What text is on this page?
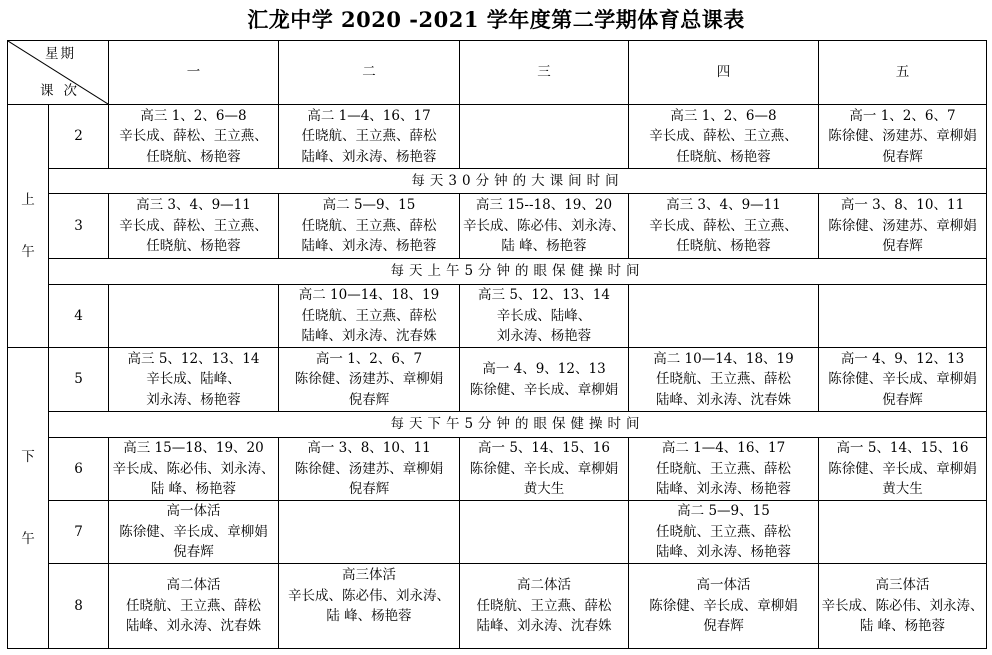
汇龙中学 2020 -2021 学年度第二学期体育总课表
星期
课次		一	二	三	四	五

上
午	2	高三 1、2、6—8
辛长成、薛松、王立燕、
任晓航、杨艳蓉	高二 1—4、16、17
任晓航、王立燕、薛松
陆峰、刘永涛、杨艳蓉		高三 1、2、6—8
辛长成、薛松、王立燕、
任晓航、杨艳蓉	高一 1、2、6、7
陈徐健、汤建苏、章柳娟
倪春辉

	每天30分钟的大课间时间					
	3	高三 3、4、9—11
辛长成、薛松、王立燕、
任晓航、杨艳蓉	高二 5—9、15
任晓航、王立燕、薛松
陆峰、刘永涛、杨艳蓉	高三 15--18、19、20
辛长成、陈必伟、刘永涛、
陆 峰、杨艳蓉	高三 3、4、9—11
辛长成、薛松、王立燕、
任晓航、杨艳蓉	高一 3、8、10、11
陈徐健、汤建苏、章柳娟
倪春辉

	每天上午5分钟的眼保健操时间					
	4		高二 10—14、18、19
任晓航、王立燕、薛松
陆峰、刘永涛、沈春姝	高三 5、12、13、14
辛长成、陆峰、
刘永涛、杨艳蓉		

下
午	5	高三 5、12、13、14
辛长成、陆峰、
刘永涛、杨艳蓉	高一 1、2、6、7
陈徐健、汤建苏、章柳娟
倪春辉	高一 4、9、12、13
陈徐健、辛长成、章柳娟	高二 10—14、18、19
任晓航、王立燕、薛松
陆峰、刘永涛、沈春姝	高一 4、9、12、13
陈徐健、辛长成、章柳娟
倪春辉

	每天下午5分钟的眼保健操时间					
	6	高三 15—18、19、20
辛长成、陈必伟、刘永涛、
陆 峰、杨艳蓉	高一 3、8、10、11
陈徐健、汤建苏、章柳娟
倪春辉	高一 5、14、15、16
陈徐健、辛长成、章柳娟
黄大生	高二 1—4、16、17
任晓航、王立燕、薛松
陆峰、刘永涛、杨艳蓉	高一 5、14、15、16
陈徐健、辛长成、章柳娟
黄大生

	7	高一体活
陈徐健、辛长成、章柳娟
倪春辉			高二 5—9、15
任晓航、王立燕、薛松
陆峰、刘永涛、杨艳蓉	

	8	高二体活
任晓航、王立燕、薛松
陆峰、刘永涛、沈春姝	高三体活
辛长成、陈必伟、刘永涛、
陆 峰、杨艳蓉	高二体活
任晓航、王立燕、薛松
陆峰、刘永涛、沈春姝	高一体活
陈徐健、辛长成、章柳娟
倪春辉	高三体活
辛长成、陈必伟、刘永涛、
陆 峰、杨艳蓉
